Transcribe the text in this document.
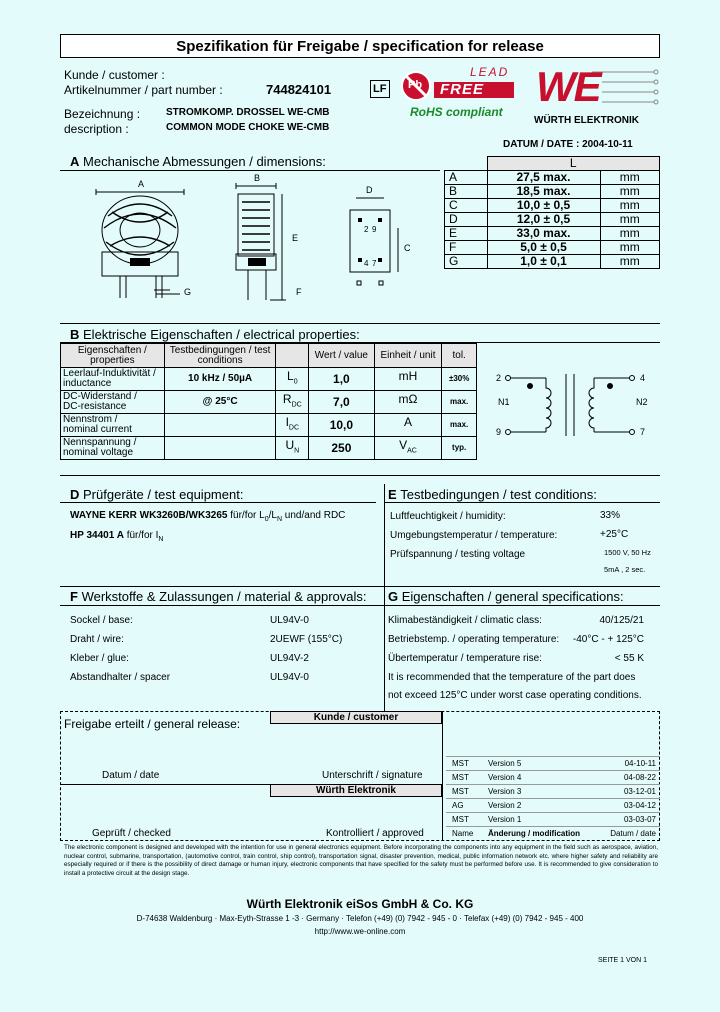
Spezifikation für Freigabe / specification for release
Kunde / customer :
Artikelnummer / part number :	744824101	LF
Bezeichnung :	STROMKOMP. DROSSEL WE-CMB
description :	COMMON MODE CHOKE WE-CMB
Pb
LEAD
FREE
RoHS compliant
WE
WÜRTH ELEKTRONIK
DATUM / DATE : 2004-10-11
A Mechanische Abmessungen / dimensions:
A
B
D
C
E
F
G
2 9
4 7
	L	
A	27,5 max.	mm
B	18,5 max.	mm
C	10,0 ± 0,5	mm
D	12,0 ± 0,5	mm
E	33,0 max.	mm
F	5,0 ± 0,5	mm
G	1,0 ± 0,1	mm
B Elektrische Eigenschaften / electrical properties:
Eigenschaften / properties	Testbedingungen / test conditions		Wert / value	Einheit / unit	tol.

Leerlauf-Induktivität /
inductance	10 kHz / 50µA	$L_0$	1,0	mH	±30%

DC-Widerstand /
DC-resistance	@ 25°C	$R_{DC}$	7,0	mΩ	max.

Nennstrom /
nominal current		$I_{DC}$	10,0	A	max.

Nennspannung /
nominal voltage		$U_N$	250	$V_{AC}$	typ.
2
9
4
7
N1	N2
D Prüfgeräte / test equipment:
WAYNE KERR WK3260B/WK3265 für/for $L_0/L_N$ und/and RDC
HP 34401 A für/for $I_N$
E Testbedingungen / test conditions:
Luftfeuchtigkeit / humidity:	33%
Umgebungstemperatur / temperature:	+25°C
Prüfspannung / testing voltage	1500 V, 50 Hz
5mA , 2 sec.
F Werkstoffe & Zulassungen / material & approvals:
Sockel / base:	UL94V-0
Draht / wire:	2UEWF (155°C)
Kleber / glue:	UL94V-2
Abstandhalter / spacer	UL94V-0
G Eigenschaften / general specifications:
Klimabeständigkeit / climatic class:	40/125/21
Betriebstemp. / operating temperature: -40°C - + 125°C
Übertemperatur / temperature rise:	< 55 K
It is recommended that the temperature of the part does
not exceed 125°C under worst case operating conditions.
Freigabe erteilt / general release:	Kunde / customer
Datum / date	Unterschrift / signature
Würth Elektronik
Geprüft / checked	Kontrolliert / approved
MST Version 5	04-10-11
MST Version 4	04-08-22
MST Version 3	03-12-01
AG	Version 2	03-04-12
MST Version 1	03-03-07
Name Änderung / modification	Datum / date
The electronic component is designed and developed with the intention for use in general electronics equipment. Before incorporating the components into any equipment in the field such as aerospace, aviation, nuclear control, submarine, transportation, (automotive control, train control, ship control), transportation signal, disaster prevention, medical, public information network etc. where higher safety and reliability are especially required or if there is the possibility of direct damage or human injury, electronic components that have specified for the safety must be performed before use. It is recommended to give consideration to install a protective circuit at the design stage.
Würth Elektronik eiSos GmbH & Co. KG
D-74638 Waldenburg · Max-Eyth-Strasse 1 -3 · Germany · Telefon (+49) (0) 7942 - 945 - 0 · Telefax (+49) (0) 7942 - 945 - 400
http://www.we-online.com
SEITE 1 VON 1
